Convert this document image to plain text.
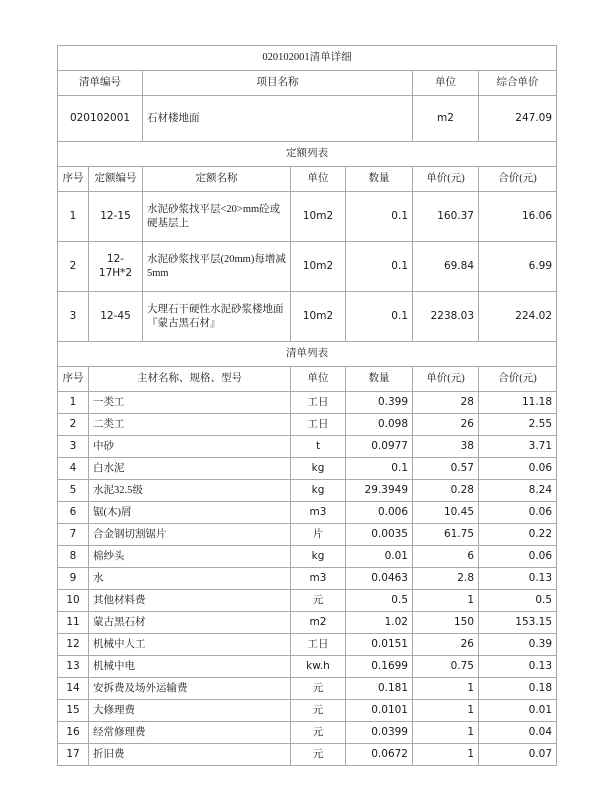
020102001清单详细						
清单编号		项目名称			单位	综合单价
020102001		石材楼地面			m2	247.09
定额列表						
序号	定额编号	定额名称	单位	数量	单价(元)	合价(元)
1	12-15	水泥砂浆找平层<20>mm砼或硬基层上	10m2	0.1	160.37	16.06
2	12-17H*2	水泥砂浆找平层(20mm)每增减5mm	10m2	0.1	69.84	6.99
3	12-45	大理石干硬性水泥砂浆楼地面 『蒙古黑石材』	10m2	0.1	2238.03	224.02
清单列表						
序号	主材名称、规格、型号		单位	数量	单价(元)	合价(元)
1	一类工		工日	0.399	28	11.18
2	二类工		工日	0.098	26	2.55
3	中砂		t	0.0977	38	3.71
4	白水泥		kg	0.1	0.57	0.06
5	水泥32.5级		kg	29.3949	0.28	8.24
6	锯(木)屑		m3	0.006	10.45	0.06
7	合金钢切割锯片		片	0.0035	61.75	0.22
8	棉纱头		kg	0.01	6	0.06
9	水		m3	0.0463	2.8	0.13
10	其他材料费		元	0.5	1	0.5
11	蒙古黑石材		m2	1.02	150	153.15
12	机械中人工		工日	0.0151	26	0.39
13	机械中电		kw.h	0.1699	0.75	0.13
14	安拆费及场外运输费		元	0.181	1	0.18
15	大修理费		元	0.0101	1	0.01
16	经常修理费		元	0.0399	1	0.04
17	折旧费		元	0.0672	1	0.07
